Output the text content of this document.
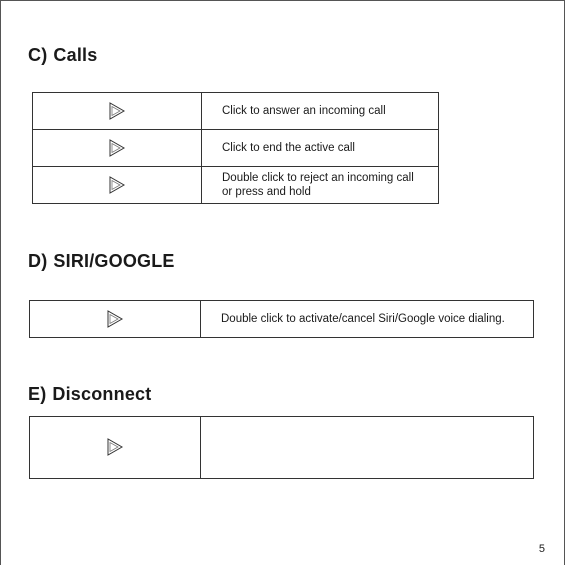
C) Calls
	Click to answer an incoming call

	Click to end the active call

	Double click to reject an incoming call
or press and hold
D) SIRI/GOOGLE
	Double click to activate/cancel Siri/Google voice dialing.
E) Disconnect

5
